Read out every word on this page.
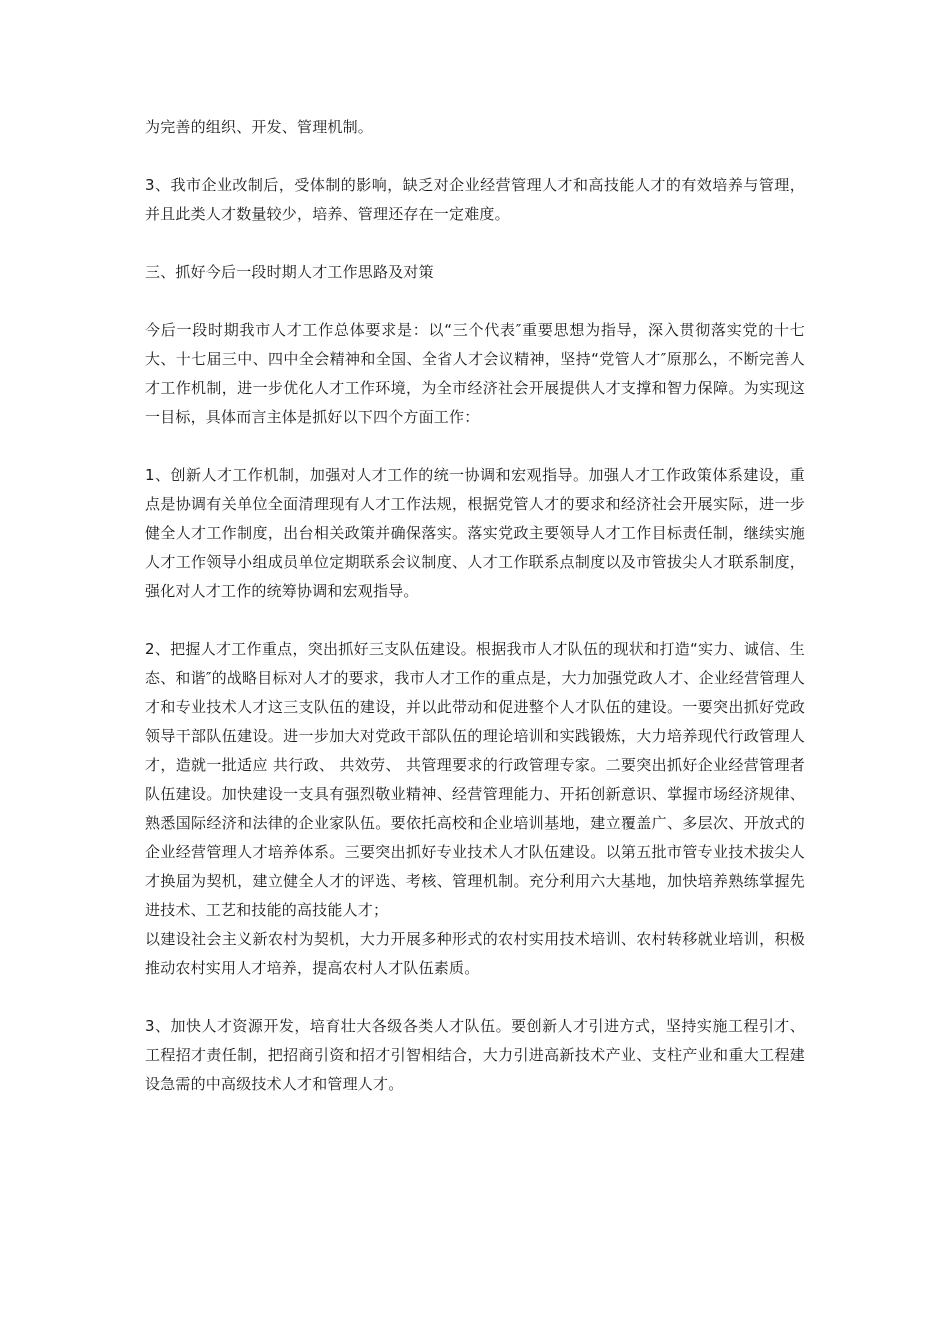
为完善的组织、开发、管理机制。

3、我市企业改制后，受体制的影响，缺乏对企业经营管理人才和高技能人才的有效培养与管理，并且此类人才数量较少，培养、管理还存在一定难度。

三、抓好今后一段时期人才工作思路及对策

今后一段时期我市人才工作总体要求是：以“三个代表″重要思想为指导，深入贯彻落实党的十七大、十七届三中、四中全会精神和全国、全省人才会议精神，坚持“党管人才″原那么，不断完善人才工作机制，进一步优化人才工作环境，为全市经济社会开展提供人才支撑和智力保障。为实现这一目标，具体而言主体是抓好以下四个方面工作：

1、创新人才工作机制，加强对人才工作的统一协调和宏观指导。加强人才工作政策体系建设，重点是协调有关单位全面清理现有人才工作法规，根据党管人才的要求和经济社会开展实际，进一步健全人才工作制度，出台相关政策并确保落实。落实党政主要领导人才工作目标责任制，继续实施人才工作领导小组成员单位定期联系会议制度、人才工作联系点制度以及市管拔尖人才联系制度，强化对人才工作的统筹协调和宏观指导。

2、把握人才工作重点，突出抓好三支队伍建设。根据我市人才队伍的现状和打造“实力、诚信、生态、和谐″的战略目标对人才的要求，我市人才工作的重点是，大力加强党政人才、企业经营管理人才和专业技术人才这三支队伍的建设，并以此带动和促进整个人才队伍的建设。一要突出抓好党政领导干部队伍建设。进一步加大对党政干部队伍的理论培训和实践锻炼，大力培养现代行政管理人才，造就一批适应 共行政、 共效劳、 共管理要求的行政管理专家。二要突出抓好企业经营管理者队伍建设。加快建设一支具有强烈敬业精神、经营管理能力、开拓创新意识、掌握市场经济规律、熟悉国际经济和法律的企业家队伍。要依托高校和企业培训基地，建立覆盖广、多层次、开放式的企业经营管理人才培养体系。三要突出抓好专业技术人才队伍建设。以第五批市管专业技术拔尖人才换届为契机，建立健全人才的评选、考核、管理机制。充分利用六大基地，加快培养熟练掌握先进技术、工艺和技能的高技能人才；

以建设社会主义新农村为契机，大力开展多种形式的农村实用技术培训、农村转移就业培训，积极推动农村实用人才培养，提高农村人才队伍素质。

3、加快人才资源开发，培育壮大各级各类人才队伍。要创新人才引进方式，坚持实施工程引才、工程招才责任制，把招商引资和招才引智相结合，大力引进高新技术产业、支柱产业和重大工程建设急需的中高级技术人才和管理人才。
